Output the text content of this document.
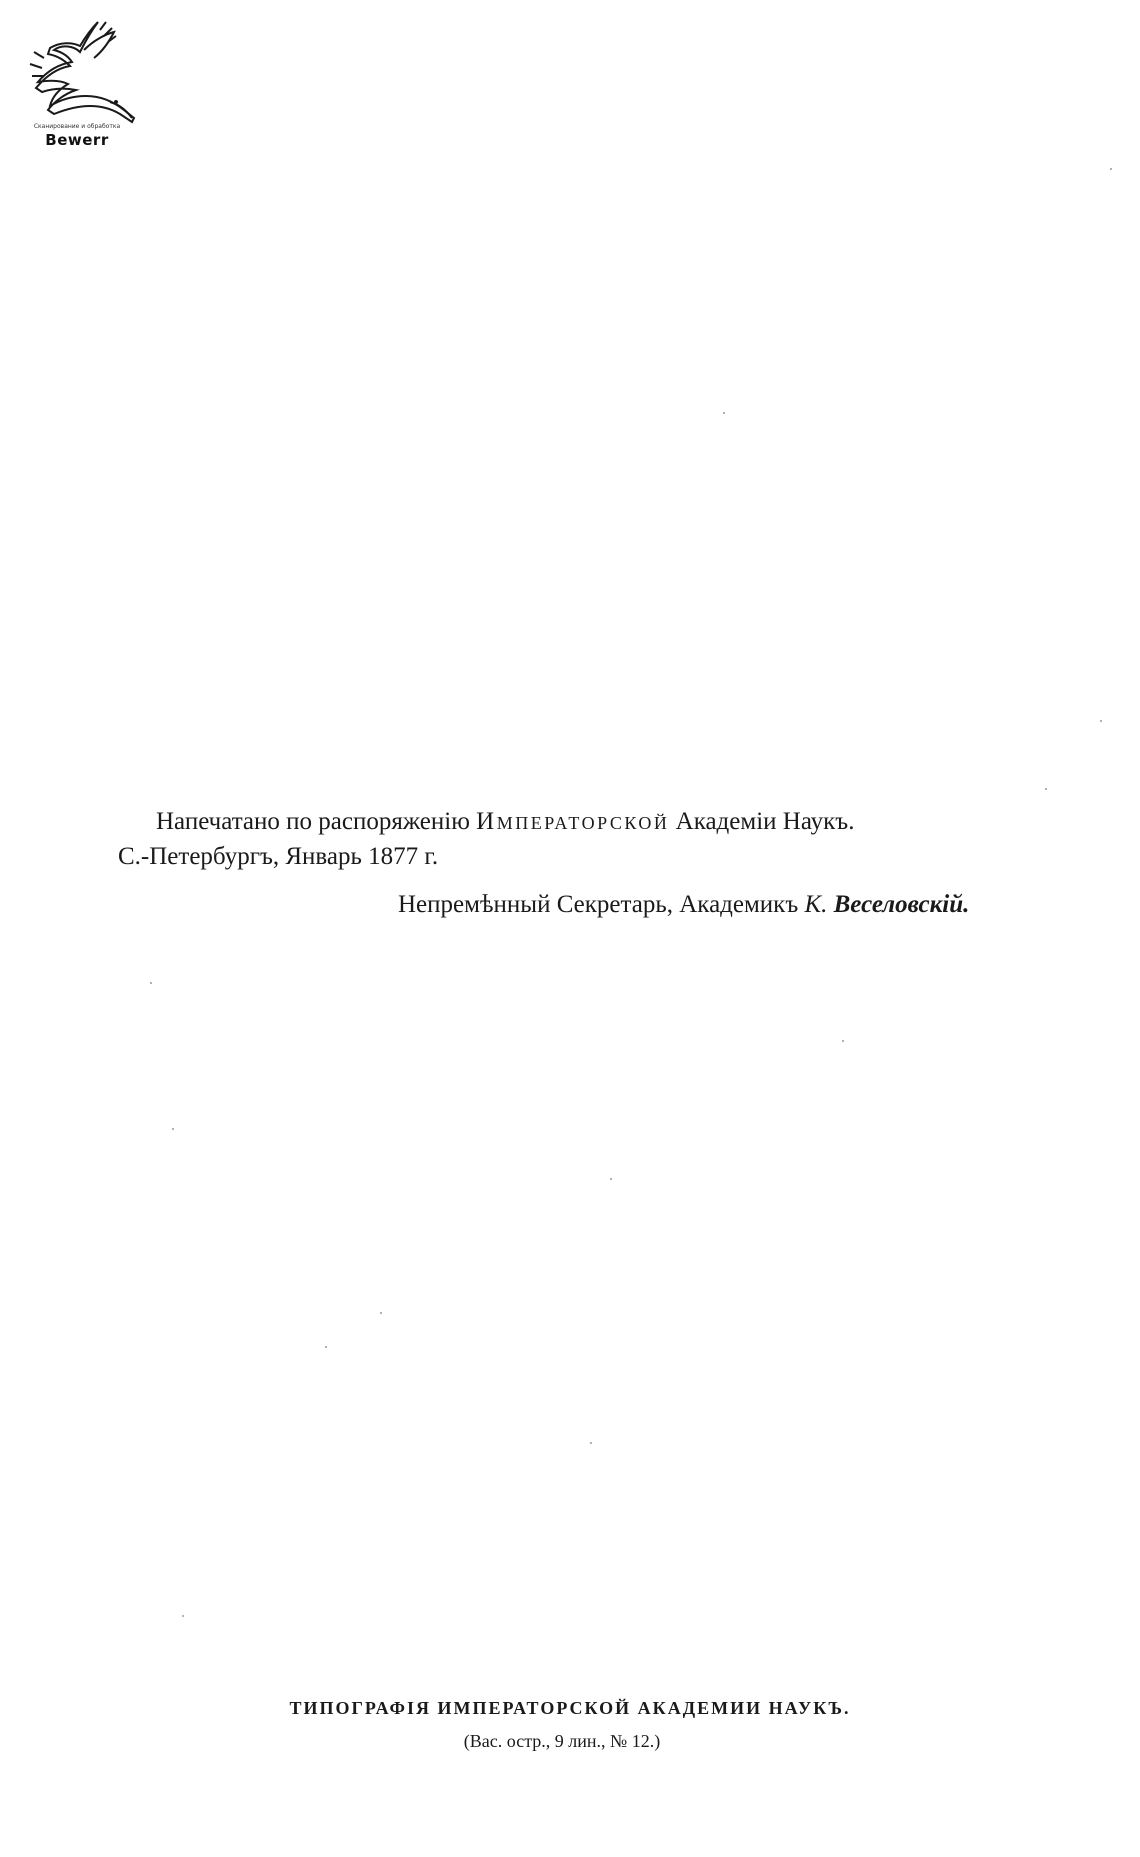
Сканирование и обработка
Bewerr
Напечатано по распоряженію Императорской Академіи Наукъ.
С.-Петербургъ, Январь 1877 г.
Непремѣнный Секретарь, Академикъ К. Веселовскій.
ТИПОГРАФІЯ ИМПЕРАТОРСКОЙ АКАДЕМИИ НАУКЪ.
(Вас. остр., 9 лин., № 12.)
